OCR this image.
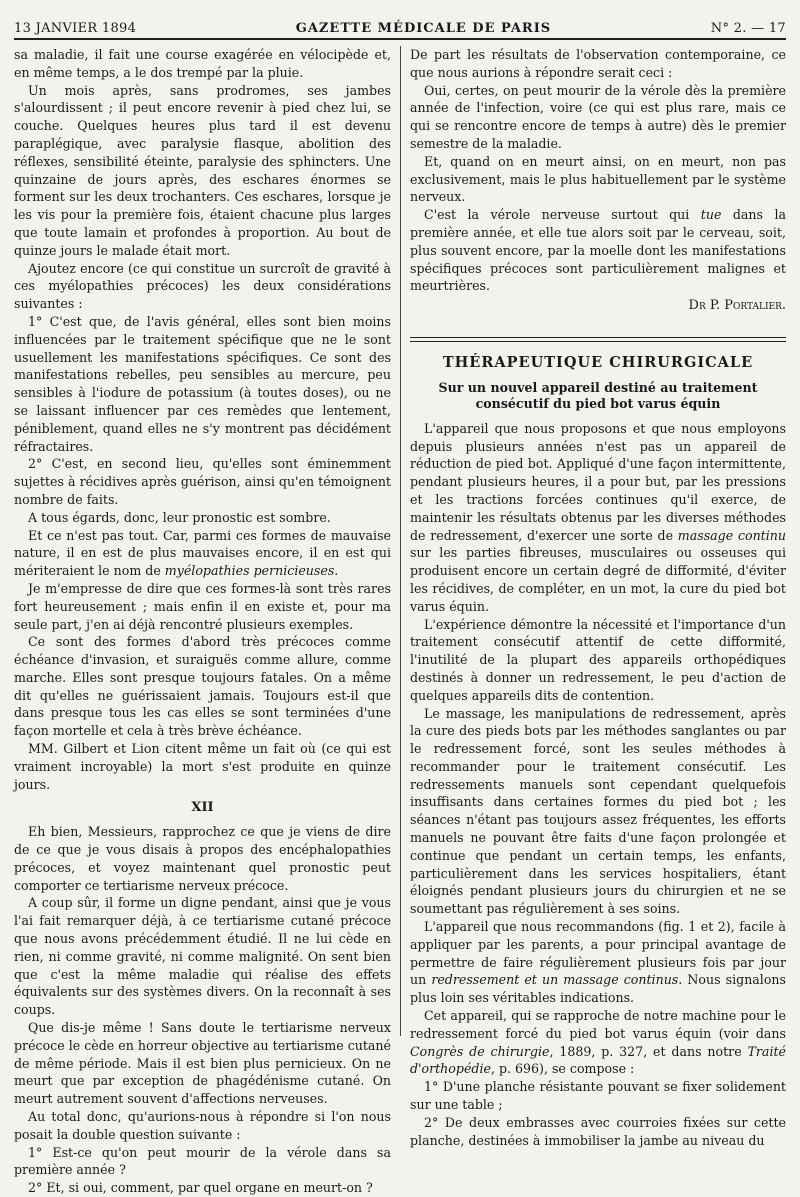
13 JANVIER 1894	GAZETTE MÉDICALE DE PARIS	N° 2. — 17

sa maladie, il fait une course exagérée en vélocipède et, en même temps, a le dos trempé par la pluie.

Un mois après, sans prodromes, ses jambes s'alourdissent ; il peut encore revenir à pied chez lui, se couche. Quelques heures plus tard il est devenu paraplégique, avec paralysie flasque, abolition des réflexes, sensibilité éteinte, paralysie des sphincters. Une quinzaine de jours après, des eschares énormes se forment sur les deux trochanters. Ces eschares, lorsque je les vis pour la première fois, étaient chacune plus larges que toute lamain et profondes à proportion. Au bout de quinze jours le malade était mort.

Ajoutez encore (ce qui constitue un surcroît de gravité à ces myélopathies précoces) les deux considérations suivantes :

1° C'est que, de l'avis général, elles sont bien moins influencées par le traitement spécifique que ne le sont usuellement les manifestations spécifiques. Ce sont des manifestations rebelles, peu sensibles au mercure, peu sensibles à l'iodure de potassium (à toutes doses), ou ne se laissant influencer par ces remèdes que lentement, péniblement, quand elles ne s'y montrent pas décidément réfractaires.

2° C'est, en second lieu, qu'elles sont éminemment sujettes à récidives après guérison, ainsi qu'en témoignent nombre de faits.

A tous égards, donc, leur pronostic est sombre.

Et ce n'est pas tout. Car, parmi ces formes de mauvaise nature, il en est de plus mauvaises encore, il en est qui mériteraient le nom de myélopathies pernicieuses.

Je m'empresse de dire que ces formes-là sont très rares fort heureusement ; mais enfin il en existe et, pour ma seule part, j'en ai déjà rencontré plusieurs exemples.

Ce sont des formes d'abord très précoces comme échéance d'invasion, et suraiguës comme allure, comme marche. Elles sont presque toujours fatales. On a même dit qu'elles ne guérissaient jamais. Toujours est-il que dans presque tous les cas elles se sont terminées d'une façon mortelle et cela à très brève échéance.

MM. Gilbert et Lion citent même un fait où (ce qui est vraiment incroyable) la mort s'est produite en quinze jours.

XII

Eh bien, Messieurs, rapprochez ce que je viens de dire de ce que je vous disais à propos des encéphalopathies précoces, et voyez maintenant quel pronostic peut comporter ce tertiarisme nerveux précoce.

A coup sûr, il forme un digne pendant, ainsi que je vous l'ai fait remarquer déjà, à ce tertiarisme cutané précoce que nous avons précédemment étudié. Il ne lui cède en rien, ni comme gravité, ni comme malignité. On sent bien que c'est la même maladie qui réalise des effets équivalents sur des systèmes divers. On la reconnaît à ses coups.

Que dis-je même ! Sans doute le tertiarisme nerveux précoce le cède en horreur objective au tertiarisme cutané de même période. Mais il est bien plus pernicieux. On ne meurt que par exception de phagédénisme cutané. On meurt autrement souvent d'affections nerveuses.

Au total donc, qu'aurions-nous à répondre si l'on nous posait la double question suivante :

1° Est-ce qu'on peut mourir de la vérole dans sa première année ?

2° Et, si oui, comment, par quel organe en meurt-on ?

De part les résultats de l'observation contemporaine, ce que nous aurions à répondre serait ceci :

Oui, certes, on peut mourir de la vérole dès la première année de l'infection, voire (ce qui est plus rare, mais ce qui se rencontre encore de temps à autre) dès le premier semestre de la maladie.

Et, quand on en meurt ainsi, on en meurt, non pas exclusivement, mais le plus habituellement par le système nerveux.

C'est la vérole nerveuse surtout qui tue dans la première année, et elle tue alors soit par le cerveau, soit, plus souvent encore, par la moelle dont les manifestations spécifiques précoces sont particulièrement malignes et meurtrières.

Dr P. Portalier.

THÉRAPEUTIQUE CHIRURGICALE

Sur un nouvel appareil destiné au traitement consécutif du pied bot varus équin

L'appareil que nous proposons et que nous employons depuis plusieurs années n'est pas un appareil de réduction de pied bot. Appliqué d'une façon intermittente, pendant plusieurs heures, il a pour but, par les pressions et les tractions forcées continues qu'il exerce, de maintenir les résultats obtenus par les diverses méthodes de redressement, d'exercer une sorte de massage continu sur les parties fibreuses, musculaires ou osseuses qui produisent encore un certain degré de difformité, d'éviter les récidives, de compléter, en un mot, la cure du pied bot varus équin.

L'expérience démontre la nécessité et l'importance d'un traitement consécutif attentif de cette difformité, l'inutilité de la plupart des appareils orthopédiques destinés à donner un redressement, le peu d'action de quelques appareils dits de contention.

Le massage, les manipulations de redressement, après la cure des pieds bots par les méthodes sanglantes ou par le redressement forcé, sont les seules méthodes à recommander pour le traitement consécutif. Les redressements manuels sont cependant quelquefois insuffisants dans certaines formes du pied bot ; les séances n'étant pas toujours assez fréquentes, les efforts manuels ne pouvant être faits d'une façon prolongée et continue que pendant un certain temps, les enfants, particulièrement dans les services hospitaliers, étant éloignés pendant plusieurs jours du chirurgien et ne se soumettant pas régulièrement à ses soins.

L'appareil que nous recommandons (fig. 1 et 2), facile à appliquer par les parents, a pour principal avantage de permettre de faire régulièrement plusieurs fois par jour un redressement et un massage continus. Nous signalons plus loin ses véritables indications.

Cet appareil, qui se rapproche de notre machine pour le redressement forcé du pied bot varus équin (voir dans Congrès de chirurgie, 1889, p. 327, et dans notre Traité d'orthopédie, p. 696), se compose :

1° D'une planche résistante pouvant se fixer solidement sur une table ;

2° De deux embrasses avec courroies fixées sur cette planche, destinées à immobiliser la jambe au niveau du
